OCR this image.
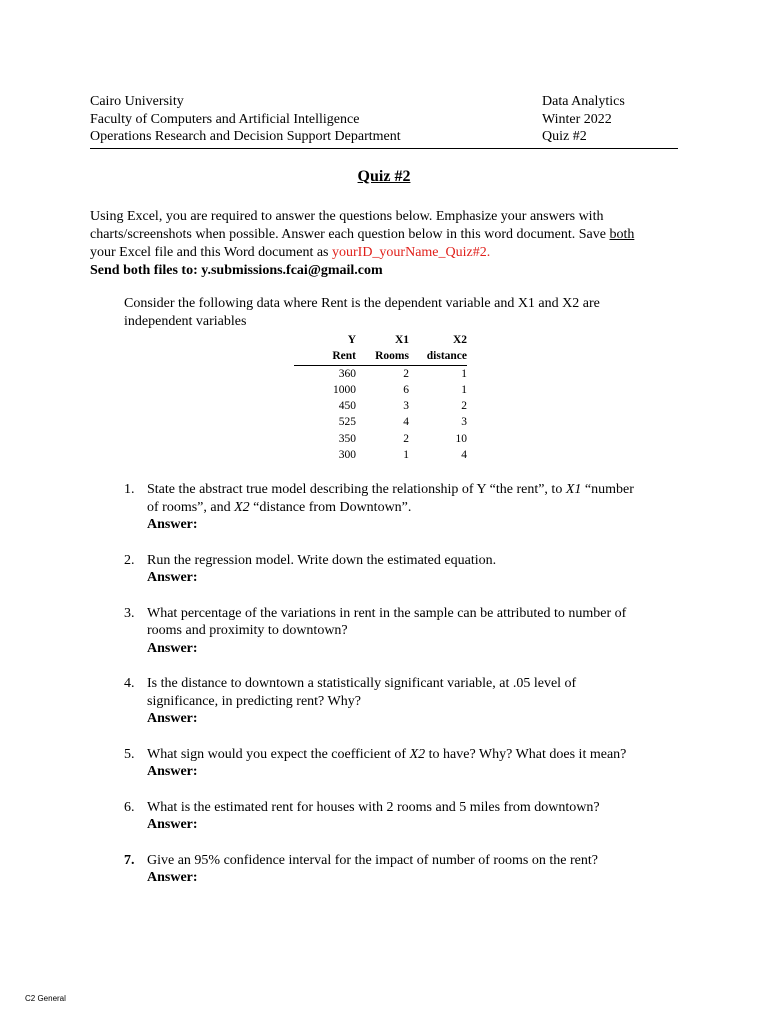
Cairo University
Faculty of Computers and Artificial Intelligence
Operations Research and Decision Support Department
Data Analytics
Winter 2022
Quiz #2
Quiz #2
Using Excel, you are required to answer the questions below. Emphasize your answers with
charts/screenshots when possible. Answer each question below in this word document. Save both
your Excel file and this Word document as yourID_yourName_Quiz#2.
Send both files to: y.submissions.fcai@gmail.com
Consider the following data where Rent is the dependent variable and X1 and X2 are
independent variables
Y	X1	X2
Rent	Rooms	distance
360	2	1
1000	6	1
450	3	2
525	4	3
350	2	10
300	1	4
1. State the abstract true model describing the relationship of Y “the rent”, to X1 “number
of rooms”, and X2 “distance from Downtown”.
Answer:
2. Run the regression model. Write down the estimated equation.
Answer:
3. What percentage of the variations in rent in the sample can be attributed to number of
rooms and proximity to downtown?
Answer:
4. Is the distance to downtown a statistically significant variable, at .05 level of
significance, in predicting rent? Why?
Answer:
5. What sign would you expect the coefficient of X2 to have? Why? What does it mean?
Answer:
6. What is the estimated rent for houses with 2 rooms and 5 miles from downtown?
Answer:
7. Give an 95% confidence interval for the impact of number of rooms on the rent?
Answer:
C2 General
